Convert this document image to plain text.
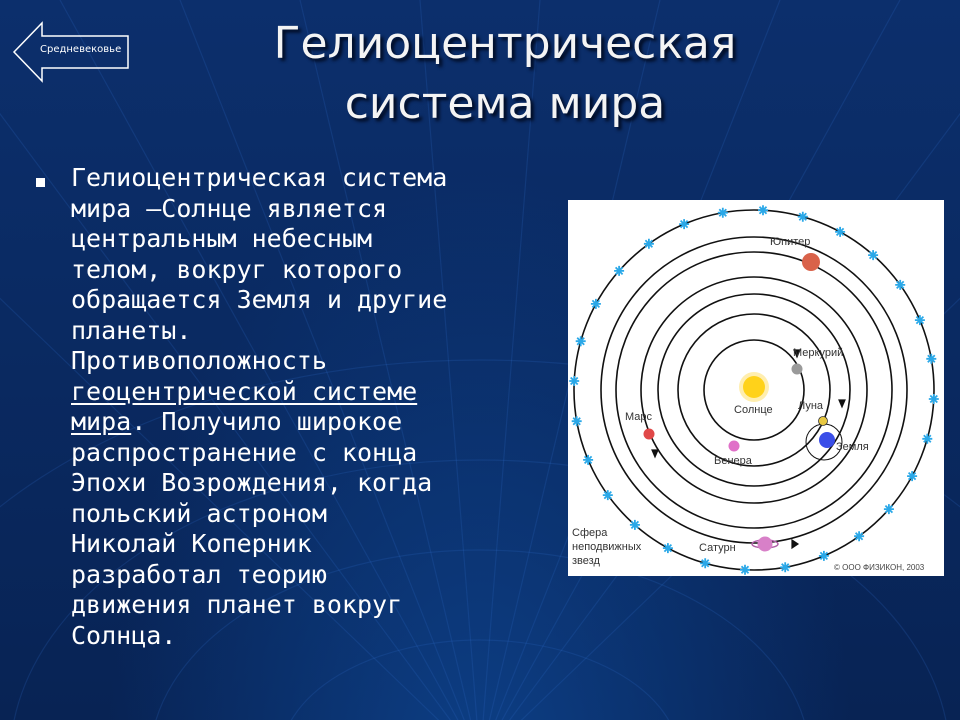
Средневековье	Гелиоцентрическая
система мира

Гелиоцентрическая система
мира —Солнце является
центральным небесным
телом, вокруг которого
обращается Земля и другие
планеты.
Противоположность
геоцентрической системе
мира. Получило широкое
распространение с конца
Эпохи Возрождения, когда
польский астроном
Николай Коперник
разработал теорию
движения планет вокруг
Солнца.

Солнце
Меркурий
Венера
Земля
Луна
Марс
Юпитер
Сатурн
Сфера
неподвижных
звезд
© ООО ФИЗИКОН, 2003
